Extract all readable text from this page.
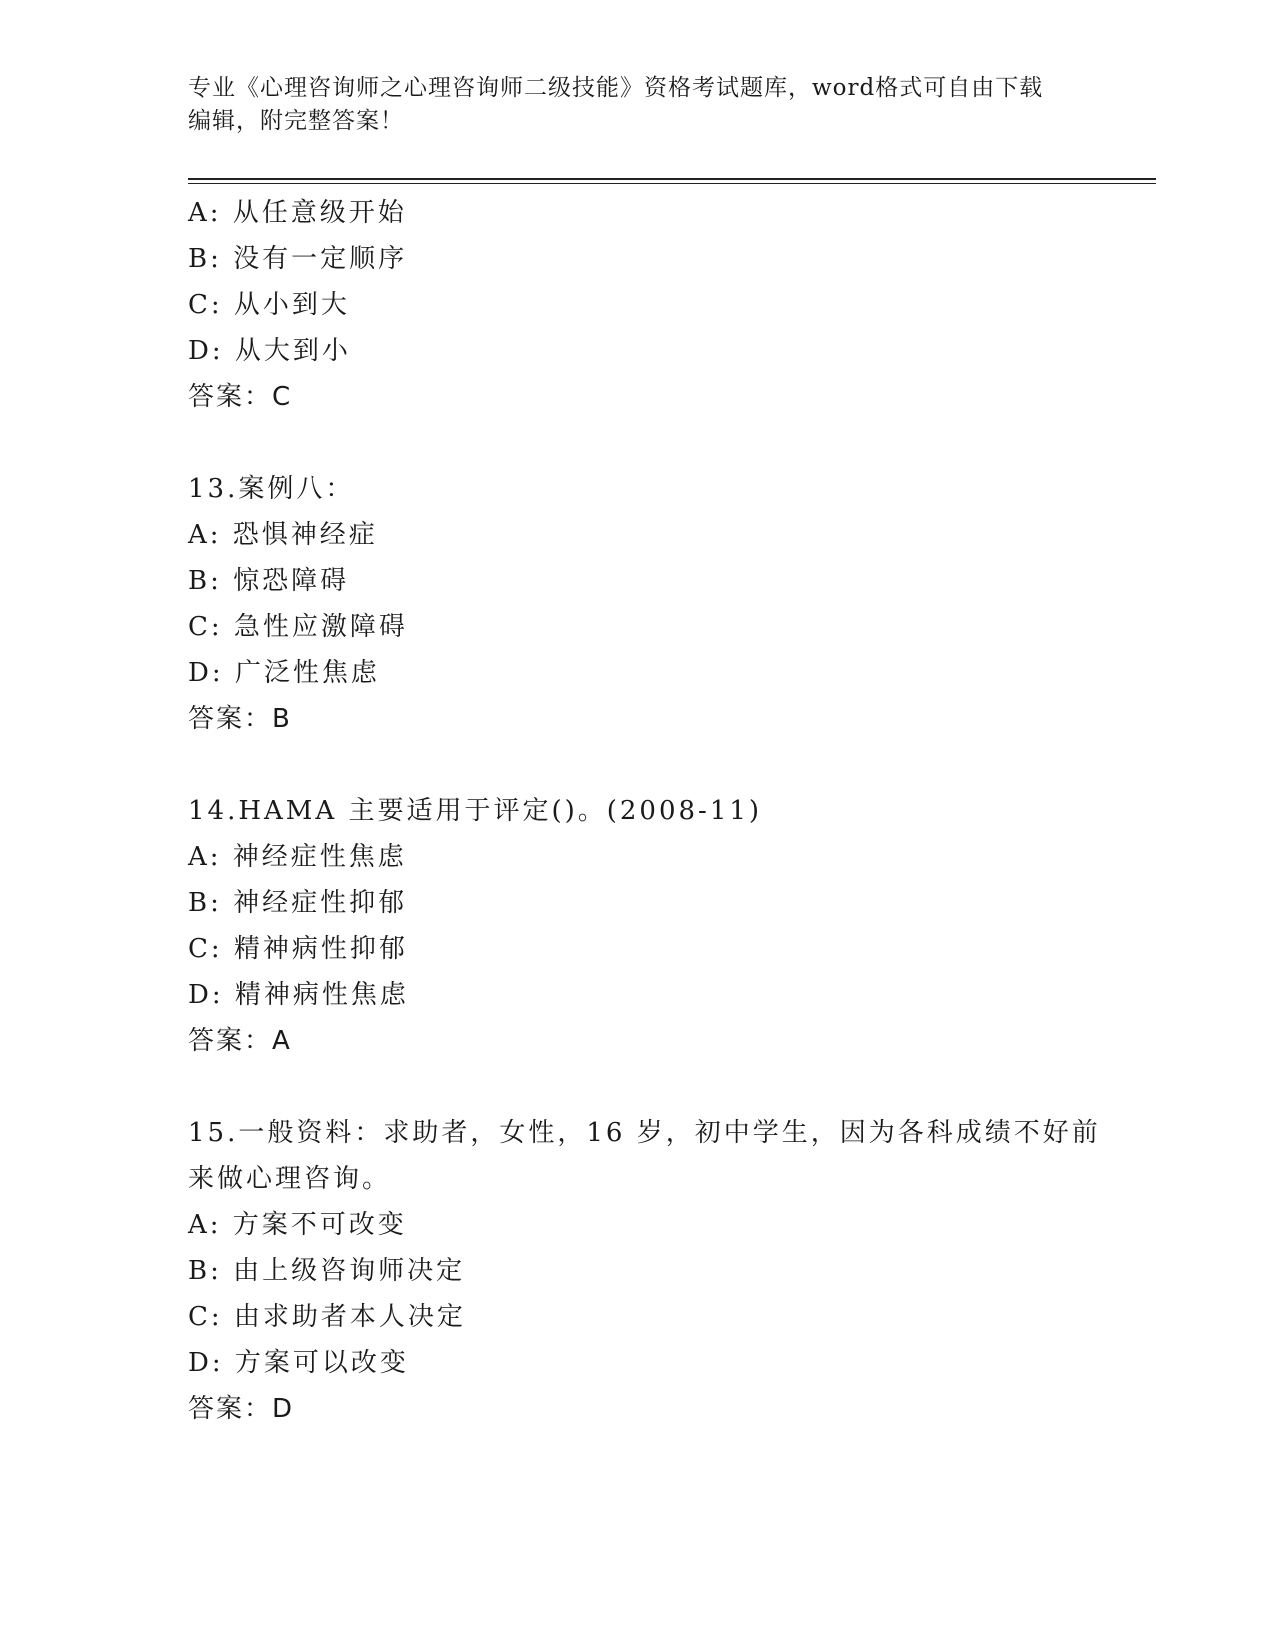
专业《心理咨询师之心理咨询师二级技能》资格考试题库，word格式可自由下载
编辑，附完整答案！
A: 从任意级开始
B: 没有一定顺序
C: 从小到大
D: 从大到小
答案：C
13.案例八：
A: 恐惧神经症
B: 惊恐障碍
C: 急性应激障碍
D: 广泛性焦虑
答案：B
14.HAMA 主要适用于评定()。(2008-11)
A: 神经症性焦虑
B: 神经症性抑郁
C: 精神病性抑郁
D: 精神病性焦虑
答案：A
15.一般资料：求助者，女性，16 岁，初中学生，因为各科成绩不好前
来做心理咨询。
A: 方案不可改变
B: 由上级咨询师决定
C: 由求助者本人决定
D: 方案可以改变
答案：D
